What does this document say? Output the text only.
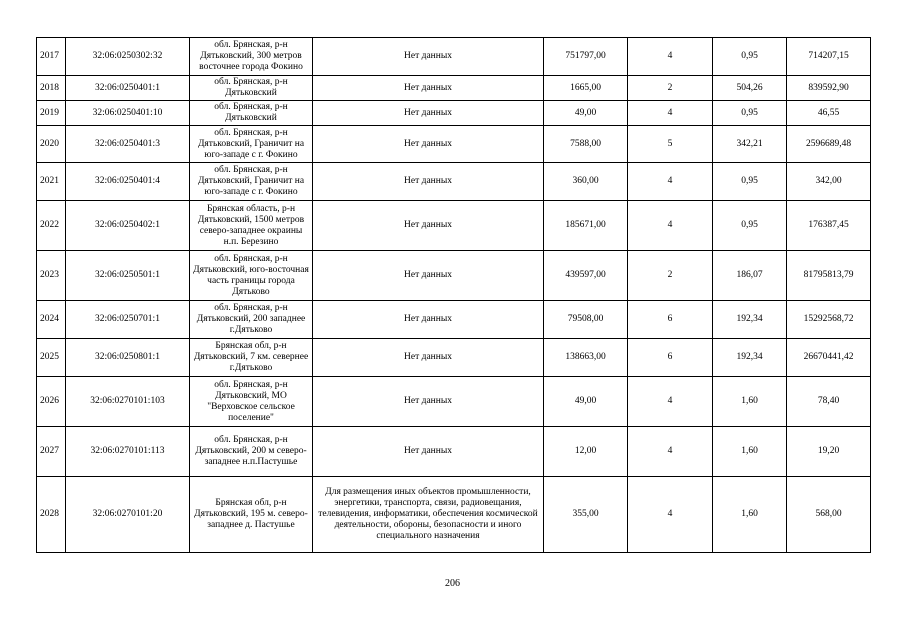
2017	32:06:0250302:32	обл. Брянская, р-н Дятьковский, 300 метров восточнее города Фокино	Нет данных	751797,00	4	0,95	714207,15
2018	32:06:0250401:1	обл. Брянская, р-н Дятьковский	Нет данных	1665,00	2	504,26	839592,90
2019	32:06:0250401:10	обл. Брянская, р-н Дятьковский	Нет данных	49,00	4	0,95	46,55
2020	32:06:0250401:3	обл. Брянская, р-н Дятьковский, Граничит на юго-западе с г. Фокино	Нет данных	7588,00	5	342,21	2596689,48
2021	32:06:0250401:4	обл. Брянская, р-н Дятьковский, Граничит на юго-западе с г. Фокино	Нет данных	360,00	4	0,95	342,00
2022	32:06:0250402:1	Брянская область, р-н Дятьковский, 1500 метров северо-западнее окраины н.п. Березино	Нет данных	185671,00	4	0,95	176387,45
2023	32:06:0250501:1	обл. Брянская, р-н Дятьковский, юго-восточная часть границы города Дятьково	Нет данных	439597,00	2	186,07	81795813,79
2024	32:06:0250701:1	обл. Брянская, р-н Дятьковский, 200 западнее г.Дятьково	Нет данных	79508,00	6	192,34	15292568,72
2025	32:06:0250801:1	Брянская обл, р-н Дятьковский, 7 км. севернее г.Дятьково	Нет данных	138663,00	6	192,34	26670441,42
2026	32:06:0270101:103	обл. Брянская, р-н Дятьковский, МО "Верховское сельское поселение"	Нет данных	49,00	4	1,60	78,40
2027	32:06:0270101:113	обл. Брянская, р-н Дятьковский, 200 м северо-западнее н.п.Пастушье	Нет данных	12,00	4	1,60	19,20
2028	32:06:0270101:20	Брянская обл, р-н Дятьковский, 195 м. северо-западнее д. Пастушье	Для размещения иных объектов промышленности, энергетики, транспорта, связи, радиовещания, телевидения, информатики, обеспечения космической деятельности, обороны, безопасности и иного специального назначения	355,00	4	1,60	568,00
206
